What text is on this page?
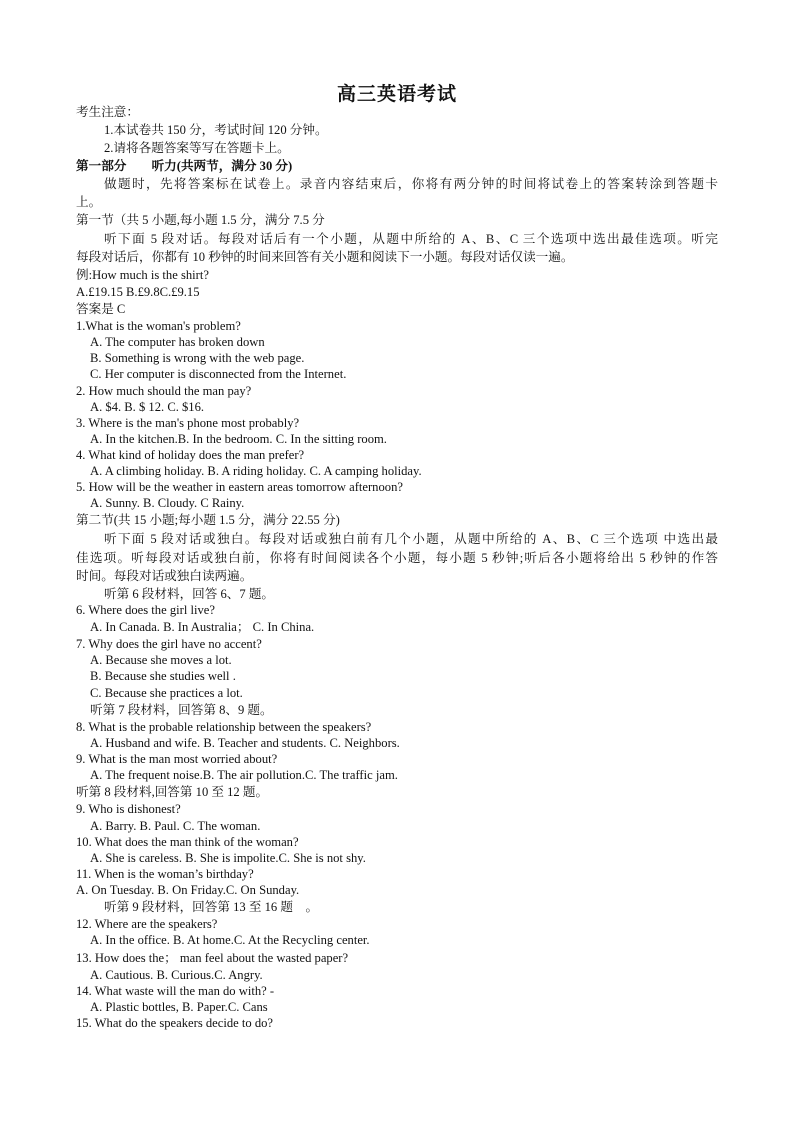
高三英语考试
考生注意：
1.本试卷共 150 分，考试时间 120 分钟。
2.请将各题答案等写在答题卡上。
第一部分　　听力(共两节，满分 30 分)
做题时，先将答案标在试卷上。录音内容结束后，你将有两分钟的时间将试卷上的答案转涂到答题卡
上。
第一节（共 5 小题,每小题 1.5 分，满分 7.5 分
听下面 5 段对话。每段对话后有一个小题，从题中所给的 A、B、C 三个选项中选出最佳选项。听完
每段对话后，你都有 10 秒钟的时间来回答有关小题和阅读下一小题。每段对话仅读一遍。
例:How much is the shirt?
A.£19.15 B.£9.8C.£9.15
答案是 C
1.What is the woman's problem?
A. The computer has broken down
B. Something is wrong with the web page.
C. Her computer is disconnected from the Internet.
2. How much should the man pay?
A. $4. B. $ 12. C. $16.
3. Where is the man's phone most probably?
A. In the kitchen.B. In the bedroom. C. In the sitting room.
4. What kind of holiday does the man prefer?
A. A climbing holiday. B. A riding holiday. C. A camping holiday.
5. How will be the weather in eastern areas tomorrow afternoon?
A. Sunny. B. Cloudy. C Rainy.
第二节(共 15 小题;每小题 1.5 分，满分 22.55 分)
听下面 5 段对话或独白。每段对话或独白前有几个小题，从题中所给的 A、B、C 三个选项 中选出最
佳选项。听每段对话或独白前，你将有时间阅读各个小题，每小题 5 秒钟;听后各小题将给出 5 秒钟的作答
时间。每段对话或独白读两遍。
听第 6 段材料，回答 6、7 题。
6. Where does the girl live?
A. In Canada. B. In Australia； C. In China.
7. Why does the girl have no accent?
A. Because she moves a lot.
B. Because she studies well .
C. Because she practices a lot.
听第 7 段材料，回答第 8、9 题。
8. What is the probable relationship between the speakers?
A. Husband and wife. B. Teacher and students. C. Neighbors.
9. What is the man most worried about?
A. The frequent noise.B. The air pollution.C. The traffic jam.
听第 8 段材料,回答第 10 至 12 题。
9. Who is dishonest?
A. Barry. B. Paul. C. The woman.
10. What does the man think of the woman?
A. She is careless. B. She is impolite.C. She is not shy.
11. When is the woman’s birthday?
A. On Tuesday. B. On Friday.C. On Sunday.
听第 9 段材料，回答第 13 至 16 题　。
12. Where are the speakers?
A. In the office. B. At home.C. At the Recycling center.
13. How does the； man feel about the wasted paper?
A. Cautious. B. Curious.C. Angry.
14. What waste will the man do with? -
A. Plastic bottles, B. Paper.C. Cans
15. What do the speakers decide to do?
